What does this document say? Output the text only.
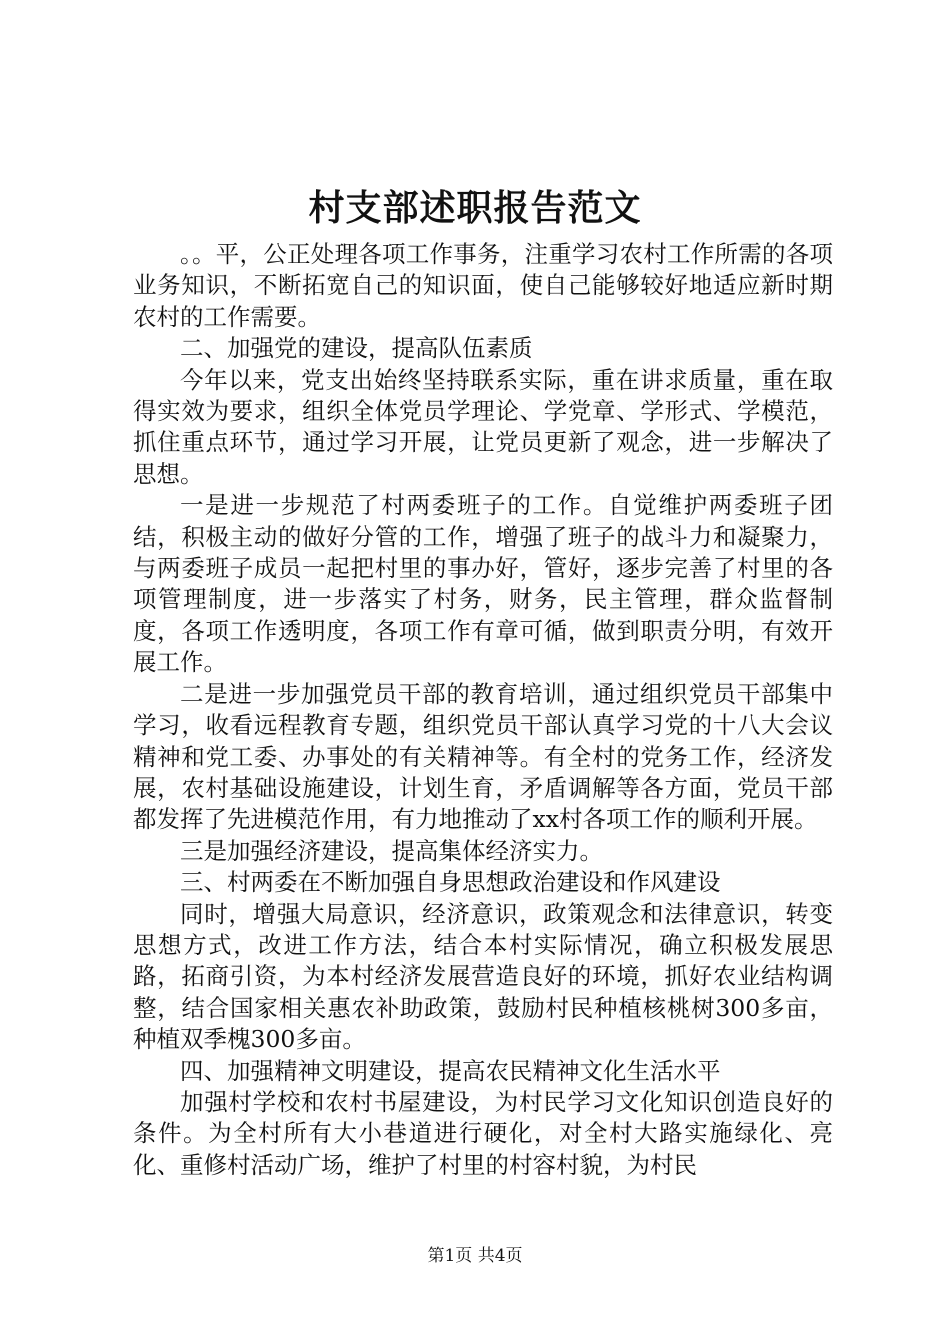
村支部述职报告范文

。。平，公正处理各项工作事务，注重学习农村工作所需的各项业务知识，不断拓宽自己的知识面，使自己能够较好地适应新时期农村的工作需要。

二、加强党的建设，提高队伍素质

今年以来，党支出始终坚持联系实际，重在讲求质量，重在取得实效为要求，组织全体党员学理论、学党章、学形式、学模范，抓住重点环节，通过学习开展，让党员更新了观念，进一步解决了思想。

一是进一步规范了村两委班子的工作。自觉维护两委班子团结，积极主动的做好分管的工作，增强了班子的战斗力和凝聚力，与两委班子成员一起把村里的事办好，管好，逐步完善了村里的各项管理制度，进一步落实了村务，财务，民主管理，群众监督制度，各项工作透明度，各项工作有章可循，做到职责分明，有效开展工作。

二是进一步加强党员干部的教育培训，通过组织党员干部集中学习，收看远程教育专题，组织党员干部认真学习党的十八大会议精神和党工委、办事处的有关精神等。有全村的党务工作，经济发展，农村基础设施建设，计划生育，矛盾调解等各方面，党员干部都发挥了先进模范作用，有力地推动了xx村各项工作的顺利开展。

三是加强经济建设，提高集体经济实力。

三、村两委在不断加强自身思想政治建设和作风建设

同时，增强大局意识，经济意识，政策观念和法律意识，转变思想方式，改进工作方法，结合本村实际情况，确立积极发展思路，拓商引资，为本村经济发展营造良好的环境，抓好农业结构调整，结合国家相关惠农补助政策，鼓励村民种植核桃树300多亩，种植双季槐300多亩。

四、加强精神文明建设，提高农民精神文化生活水平

加强村学校和农村书屋建设，为村民学习文化知识创造良好的条件。为全村所有大小巷道进行硬化，对全村大路实施绿化、亮化、重修村活动广场，维护了村里的村容村貌，为村民

第1页 共4页
